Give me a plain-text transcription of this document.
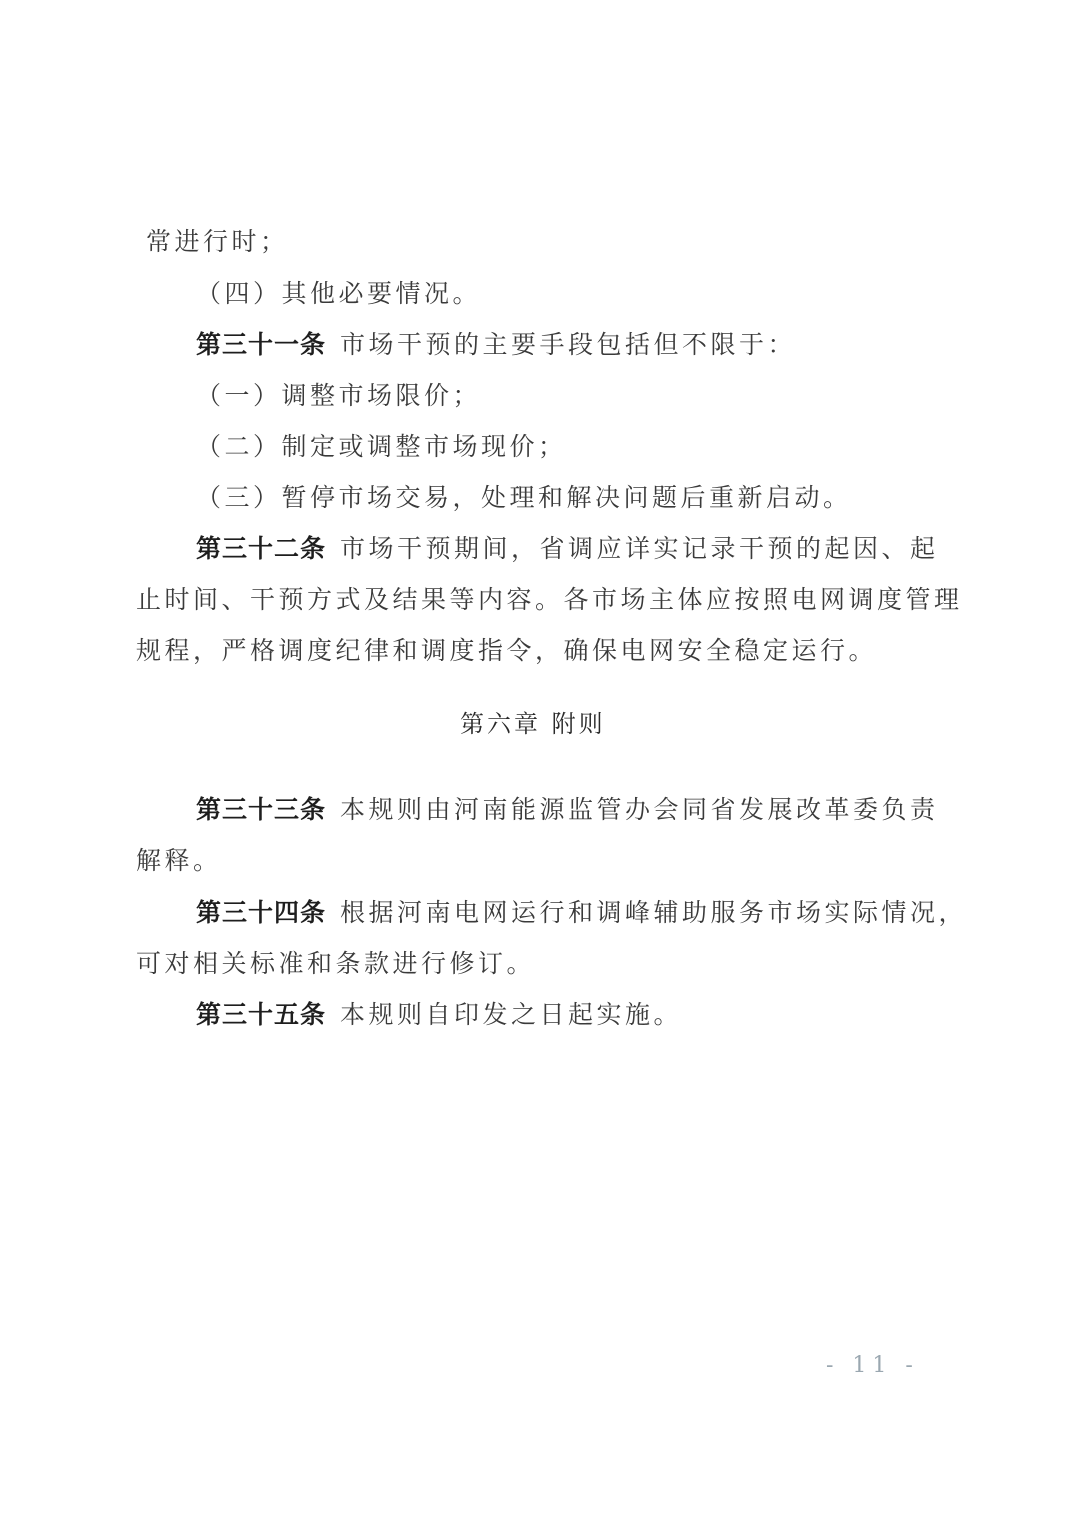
常进行时；
（四）其他必要情况。
第三十一条 市场干预的主要手段包括但不限于：
（一）调整市场限价；
（二）制定或调整市场现价；
（三）暂停市场交易，处理和解决问题后重新启动。
第三十二条 市场干预期间，省调应详实记录干预的起因、起
止时间、干预方式及结果等内容。各市场主体应按照电网调度管理
规程，严格调度纪律和调度指令，确保电网安全稳定运行。
第六章 附则
第三十三条 本规则由河南能源监管办会同省发展改革委负责
解释。
第三十四条 根据河南电网运行和调峰辅助服务市场实际情况，
可对相关标准和条款进行修订。
第三十五条 本规则自印发之日起实施。
- 11 -
